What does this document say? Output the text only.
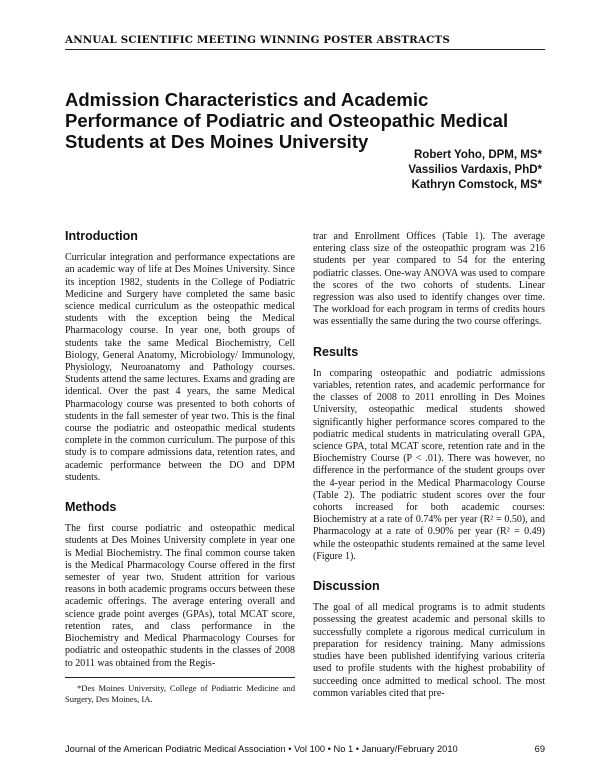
ANNUAL SCIENTIFIC MEETING WINNING POSTER ABSTRACTS
Admission Characteristics and Academic Performance of Podiatric and Osteopathic Medical Students at Des Moines University
Robert Yoho, DPM, MS*
Vassilios Vardaxis, PhD*
Kathryn Comstock, MS*
Introduction

Curricular integration and performance expectations are an academic way of life at Des Moines University. Since its inception 1982, students in the College of Podiatric Medicine and Surgery have completed the same basic science medical curriculum as the osteopathic medical students with the exception being the Medical Pharmacology course. In year one, both groups of students take the same Medical Biochemistry, Cell Biology, General Anatomy, Microbiology/ Immunology, Physiology, Neuroanatomy and Pathology courses. Students attend the same lectures. Exams and grading are identical. Over the past 4 years, the same Medical Pharmacology course was presented to both cohorts of students in the fall semester of year two. This is the final course the podiatric and osteopathic medical students complete in the common curriculum. The purpose of this study is to compare admissions data, retention rates, and academic performance between the DO and DPM students.

Methods

The first course podiatric and osteopathic medical students at Des Moines University complete in year one is Medial Biochemistry. The final common course taken is the Medical Pharmacology Course offered in the first semester of year two. Student attrition for various reasons in both academic programs occurs between these academic offerings. The average entering overall and science grade point averges (GPAs), total MCAT score, retention rates, and class performance in the Biochemistry and Medical Pharmacology Courses for podiatric and osteopathic students in the classes of 2008 to 2011 was obtained from the Regis-

*Des Moines University, College of Podiatric Medicine and Surgery, Des Moines, IA.

trar and Enrollment Offices (Table 1). The average entering class size of the osteopathic program was 216 students per year compared to 54 for the entering podiatric classes. One-way ANOVA was used to compare the scores of the two cohorts of students. Linear regression was also used to identify changes over time. The workload for each program in terms of credits hours was essentially the same during the two course offerings.

Results

In comparing osteopathic and podiatric admissions variables, retention rates, and academic performance for the classes of 2008 to 2011 enrolling in Des Moines University, osteopathic medical students showed significantly higher performance scores compared to the podiatric medical students in matriculating overall GPA, science GPA, total MCAT score, retention rate and in the Biochemistry Course (P < .01). There was however, no difference in the performance of the student groups over the 4-year period in the Medical Pharmacology Course (Table 2). The podiatric student scores over the four cohorts increased for both academic courses: Biochemistry at a rate of 0.74% per year (R² = 0.50), and Pharmacology at a rate of 0.90% per year (R² = 0.49) while the osteopathic students remained at the same level (Figure 1).

Discussion

The goal of all medical programs is to admit students possessing the greatest academic and personal skills to successfully complete a rigorous medical curriculum in preparation for residency training. Many admissions studies have been published identifying various criteria used to profile students with the highest probability of succeeding once admitted to medical school. The most common variables cited that pre-

Journal of the American Podiatric Medical Association • Vol 100 • No 1 • January/February 2010	69
